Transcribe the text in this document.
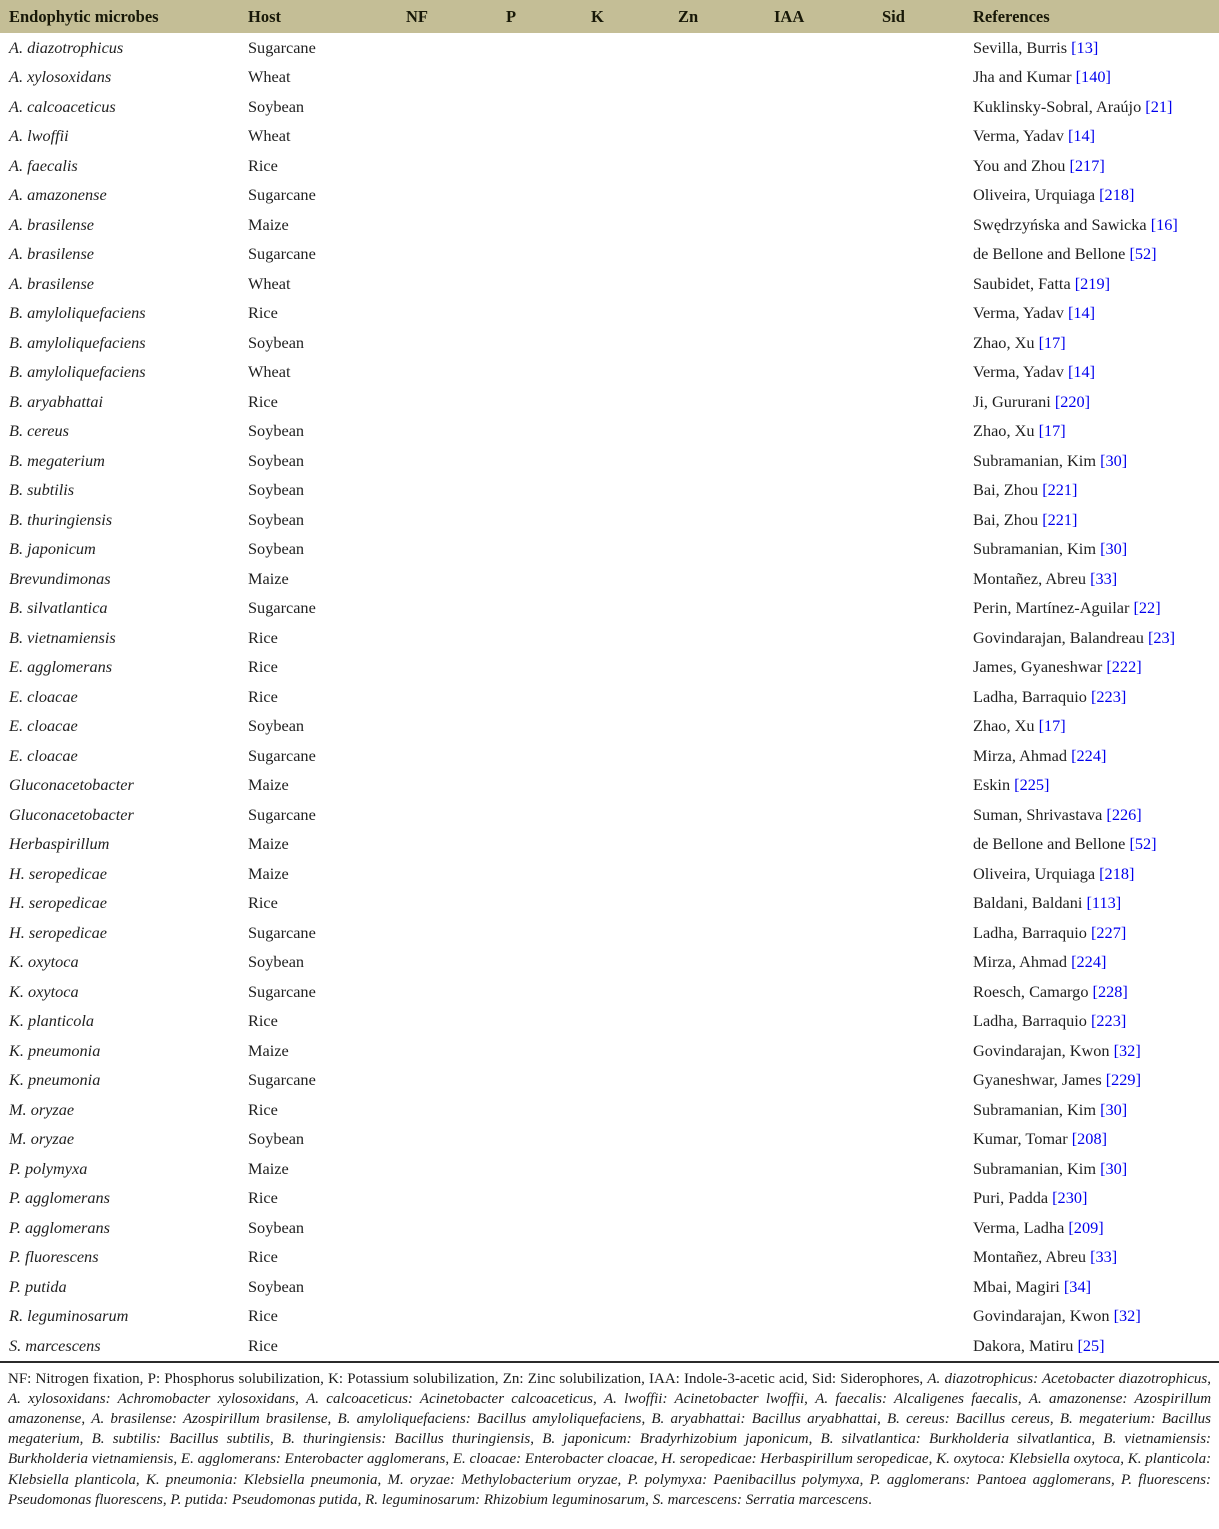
Endophytic microbes	Host	NF	P	K	Zn	IAA	Sid	References
A. diazotrophicus	Sugarcane							Sevilla, Burris [13]
A. xylosoxidans	Wheat							Jha and Kumar [140]
A. calcoaceticus	Soybean							Kuklinsky-Sobral, Araújo [21]
A. lwoffii	Wheat							Verma, Yadav [14]
A. faecalis	Rice							You and Zhou [217]
A. amazonense	Sugarcane							Oliveira, Urquiaga [218]
A. brasilense	Maize							Swędrzyńska and Sawicka [16]
A. brasilense	Sugarcane							de Bellone and Bellone [52]
A. brasilense	Wheat							Saubidet, Fatta [219]
B. amyloliquefaciens	Rice							Verma, Yadav [14]
B. amyloliquefaciens	Soybean							Zhao, Xu [17]
B. amyloliquefaciens	Wheat							Verma, Yadav [14]
B. aryabhattai	Rice							Ji, Gururani [220]
B. cereus	Soybean							Zhao, Xu [17]
B. megaterium	Soybean							Subramanian, Kim [30]
B. subtilis	Soybean							Bai, Zhou [221]
B. thuringiensis	Soybean							Bai, Zhou [221]
B. japonicum	Soybean							Subramanian, Kim [30]
Brevundimonas	Maize							Montañez, Abreu [33]
B. silvatlantica	Sugarcane							Perin, Martínez-Aguilar [22]
B. vietnamiensis	Rice							Govindarajan, Balandreau [23]
E. agglomerans	Rice							James, Gyaneshwar [222]
E. cloacae	Rice							Ladha, Barraquio [223]
E. cloacae	Soybean							Zhao, Xu [17]
E. cloacae	Sugarcane							Mirza, Ahmad [224]
Gluconacetobacter	Maize							Eskin [225]
Gluconacetobacter	Sugarcane							Suman, Shrivastava [226]
Herbaspirillum	Maize							de Bellone and Bellone [52]
H. seropedicae	Maize							Oliveira, Urquiaga [218]
H. seropedicae	Rice							Baldani, Baldani [113]
H. seropedicae	Sugarcane							Ladha, Barraquio [227]
K. oxytoca	Soybean							Mirza, Ahmad [224]
K. oxytoca	Sugarcane							Roesch, Camargo [228]
K. planticola	Rice							Ladha, Barraquio [223]
K. pneumonia	Maize							Govindarajan, Kwon [32]
K. pneumonia	Sugarcane							Gyaneshwar, James [229]
M. oryzae	Rice							Subramanian, Kim [30]
M. oryzae	Soybean							Kumar, Tomar [208]
P. polymyxa	Maize							Subramanian, Kim [30]
P. agglomerans	Rice							Puri, Padda [230]
P. agglomerans	Soybean							Verma, Ladha [209]
P. fluorescens	Rice							Montañez, Abreu [33]
P. putida	Soybean							Mbai, Magiri [34]
R. leguminosarum	Rice							Govindarajan, Kwon [32]
S. marcescens	Rice							Dakora, Matiru [25]
NF: Nitrogen fixation, P: Phosphorus solubilization, K: Potassium solubilization, Zn: Zinc solubilization, IAA: Indole-3-acetic acid, Sid: Siderophores, A. diazotrophicus: Acetobacter diazotrophicus, A. xylosoxidans: Achromobacter xylosoxidans, A. calcoaceticus: Acinetobacter calcoaceticus, A. lwoffii: Acinetobacter lwoffii, A. faecalis: Alcaligenes faecalis, A. amazonense: Azospirillum amazonense, A. brasilense: Azospirillum brasilense, B. amyloliquefaciens: Bacillus amyloliquefaciens, B. aryabhattai: Bacillus aryabhattai, B. cereus: Bacillus cereus, B. megaterium: Bacillus megaterium, B. subtilis: Bacillus subtilis, B. thuringiensis: Bacillus thuringiensis, B. japonicum: Bradyrhizobium japonicum, B. silvatlantica: Burkholderia silvatlantica, B. vietnamiensis: Burkholderia vietnamiensis, E. agglomerans: Enterobacter agglomerans, E. cloacae: Enterobacter cloacae, H. seropedicae: Herbaspirillum seropedicae, K. oxytoca: Klebsiella oxytoca, K. planticola: Klebsiella planticola, K. pneumonia: Klebsiella pneumonia, M. oryzae: Methylobacterium oryzae, P. polymyxa: Paenibacillus polymyxa, P. agglomerans: Pantoea agglomerans, P. fluorescens: Pseudomonas fluorescens, P. putida: Pseudomonas putida, R. leguminosarum: Rhizobium leguminosarum, S. marcescens: Serratia marcescens.
